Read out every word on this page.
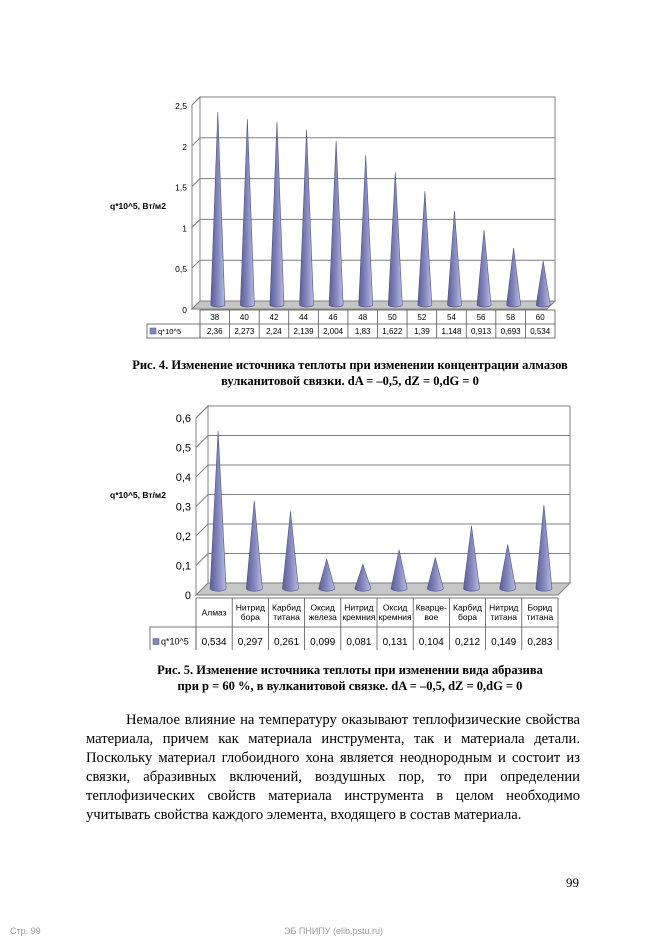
0
0,5
1
1,5
2
2,5
q*10^5, Вт/м2
q*10^5
38
2,36
40
2,273
42
2,24
44
2,139
46
2,004
48
1,83
50
1,622
52
1,39
54
1,148
56
0,913
58
0,693
60
0,534
Рис. 4. Изменение источника теплоты при изменении концентрации алмазов
вулканитовой связки. dA = –0,5, dZ = 0,dG = 0
0
0,1
0,2
0,3
0,4
0,5
0,6
q*10^5, Вт/м2
q*10^5
Алмаз
0,534
Нитрид
бора
0,297
Карбид
титана
0,261
Оксид
железа
0,099
Нитрид
кремния
0,081
Оксид
кремния
0,131
Кварце-
вое
0,104
Карбид
бора
0,212
Нитрид
титана
0,149
Борид
титана
0,283
Рис. 5. Изменение источника теплоты при изменении вида абразива
при p = 60 %, в вулканитовой связке. dA = –0,5, dZ = 0,dG = 0

Немалое влияние на температуру оказывают теплофизические свойства материала, причем как материала инструмента, так и материала детали. Поскольку материал глобоидного хона является неоднородным и состоит из связки, абразивных включений, воздушных пор, то при определении теплофизических свойств материала инструмента в целом необходимо учитывать свойства каждого элемента, входящего в состав материала.

99
Стр. 99	ЭБ ПНИПУ (elib.pstu.ru)
